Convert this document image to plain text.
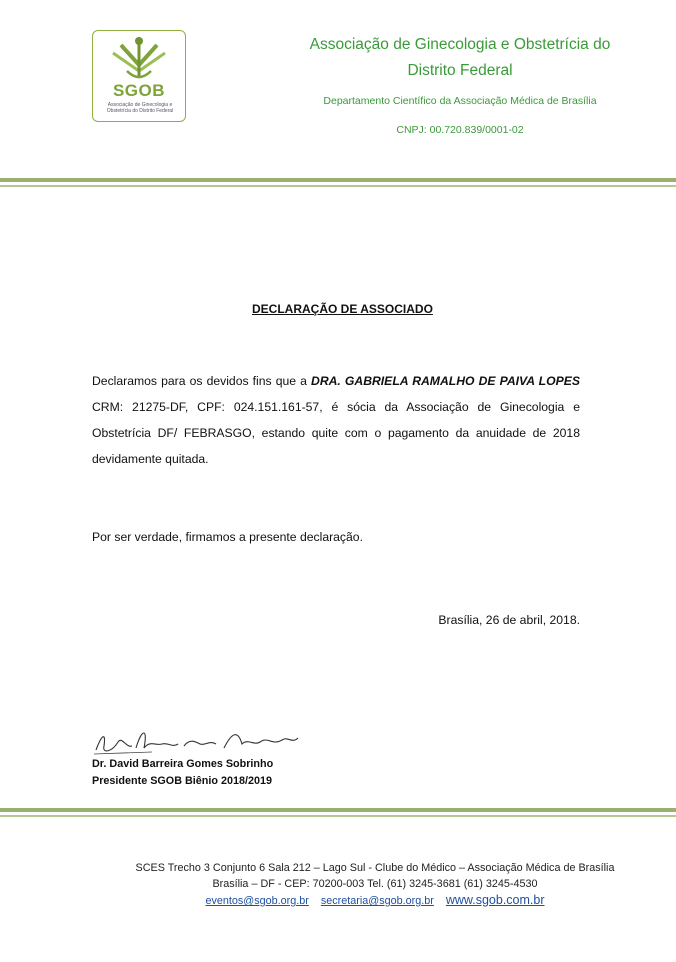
SGOB
Associação de Ginecologia e Obstetrícia do Distrito Federal
Associação de Ginecologia e Obstetrícia do Distrito Federal
Departamento Científico da Associação Médica de Brasília
CNPJ: 00.720.839/0001-02
DECLARAÇÃO DE ASSOCIADO
Declaramos para os devidos fins que a DRA. GABRIELA RAMALHO DE PAIVA LOPES CRM: 21275-DF, CPF: 024.151.161-57, é sócia da Associação de Ginecologia e Obstetrícia DF/ FEBRASGO, estando quite com o pagamento da anuidade de 2018 devidamente quitada.
Por ser verdade, firmamos a presente declaração.
Brasília, 26 de abril, 2018.
Dr. David Barreira Gomes Sobrinho
Presidente SGOB Biênio 2018/2019
SCES Trecho 3 Conjunto 6 Sala 212 – Lago Sul - Clube do Médico – Associação Médica de Brasília
Brasília – DF - CEP: 70200-003 Tel. (61) 3245-3681 (61) 3245-4530
eventos@sgob.org.br secretaria@sgob.org.br www.sgob.com.br
